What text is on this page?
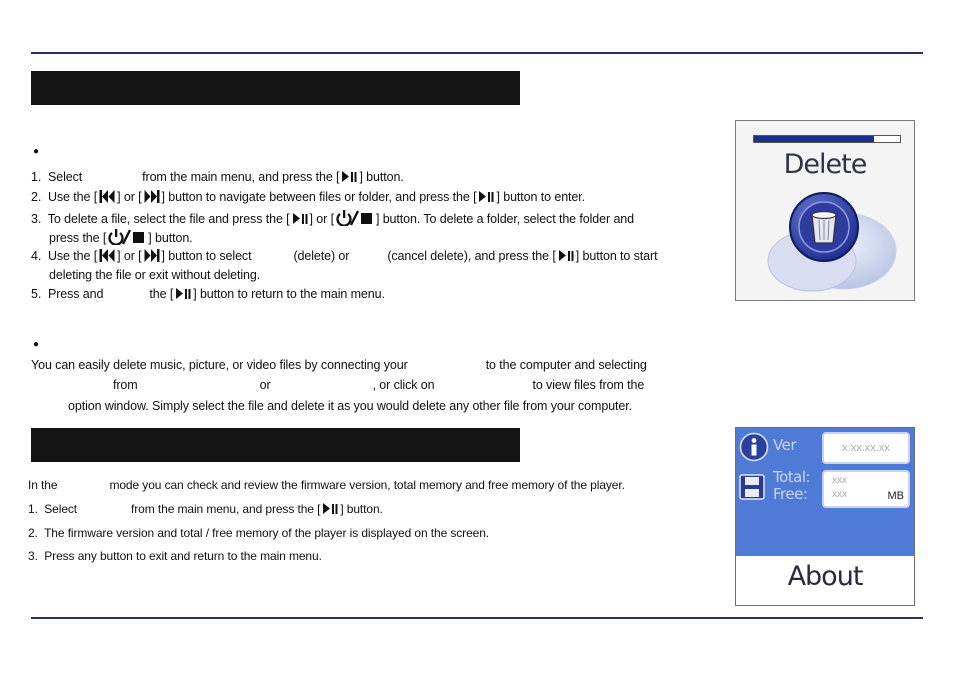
●
1. Select	from the main menu, and press the [ ] button.
2. Use the [ ] or [ ] button to navigate between files or folder, and press the [ ] button to enter.
3. To delete a file, select the file and press the [ ] or [	] button. To delete a folder, select the folder and
press the [	] button.
4. Use the [ ] or [ ] button to select	(delete) or	(cancel delete), and press the [ ] button to start
deleting the file or exit without deleting.
5. Press and	the [ ] button to return to the main menu.
●
You can easily delete music, picture, or video files by connecting your	to the computer and selecting
from	or	, or click on	to view files from the
option window. Simply select the file and delete it as you would delete any other file from your computer.
Delete
In the	mode you can check and review the firmware version, total memory and free memory of the player.
1. Select	from the main menu, and press the [ ] button.
2. The firmware version and total / free memory of the player is displayed on the screen.
3. Press any button to exit and return to the main menu.
Ver	x.xx.xx.xx
Total:
Free:
xxx
xxx	MB
About
